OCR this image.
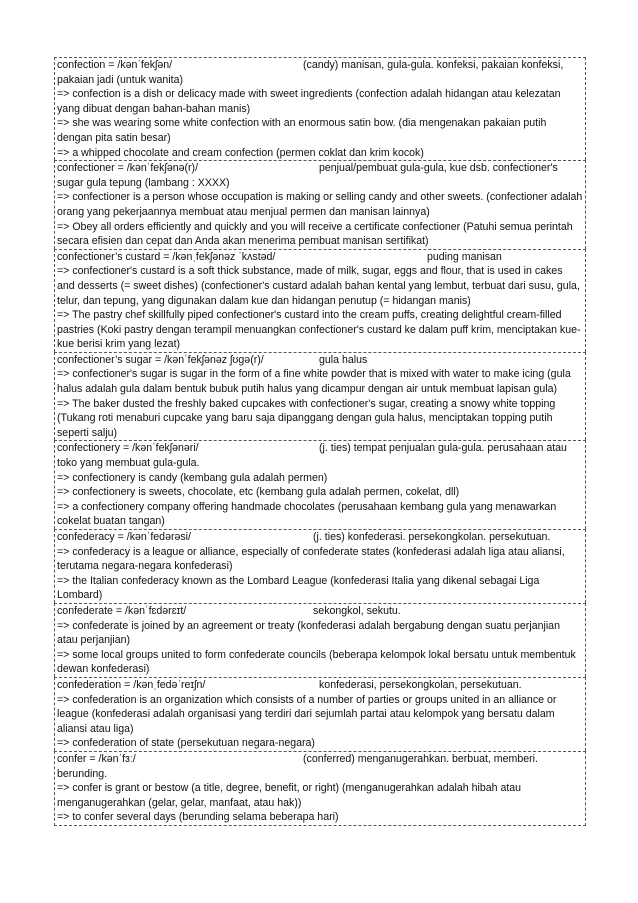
confection = /kənˈfekʃən/	(candy) manisan, gula-gula. konfeksi, pakaian konfeksi,

pakaian jadi (untuk wanita)

=> confection is a dish or delicacy made with sweet ingredients (confection adalah hidangan atau kelezatan yang dibuat dengan bahan-bahan manis)

=> she was wearing some white confection with an enormous satin bow. (dia mengenakan pakaian putih dengan pita satin besar)

=> a whipped chocolate and cream confection (permen coklat dan krim kocok)

confectioner = /kənˈfekʃənə(r)/	penjual/pembuat gula-gula, kue dsb. confectioner's

sugar gula tepung (lambang : XXXX)

=> confectioner is a person whose occupation is making or selling candy and other sweets. (confectioner adalah orang yang pekerjaannya membuat atau menjual permen dan manisan lainnya)

=> Obey all orders efficiently and quickly and you will receive a certificate confectioner (Patuhi semua perintah secara efisien dan cepat dan Anda akan menerima pembuat manisan sertifikat)

confectioner’s custard = /kənˌfekʃənəz ˈkʌstəd/	puding manisan

=> confectioner's custard is a soft thick substance, made of milk, sugar, eggs and flour, that is used in cakes and desserts (= sweet dishes) (confectioner's custard adalah bahan kental yang lembut, terbuat dari susu, gula, telur, dan tepung, yang digunakan dalam kue dan hidangan penutup (= hidangan manis)

=> The pastry chef skillfully piped confectioner's custard into the cream puffs, creating delightful cream-filled pastries (Koki pastry dengan terampil menuangkan confectioner's custard ke dalam puff krim, menciptakan kue-kue berisi krim yang lezat)

confectioner’s sugar = /kənˈfekʃənəz ʃʊɡə(r)/	gula halus

=> confectioner's sugar is sugar in the form of a fine white powder that is mixed with water to make icing (gula halus adalah gula dalam bentuk bubuk putih halus yang dicampur dengan air untuk membuat lapisan gula)

=> The baker dusted the freshly baked cupcakes with confectioner's sugar, creating a snowy white topping (Tukang roti menaburi cupcake yang baru saja dipanggang dengan gula halus, menciptakan topping putih seperti salju)

confectionery = /kənˈfekʃənəri/	(j. ties) tempat penjualan gula-gula. perusahaan atau

toko yang membuat gula-gula.

=> confectionery is candy (kembang gula adalah permen)

=> confectionery is sweets, chocolate, etc (kembang gula adalah permen, cokelat, dll)

=> a confectionery company offering handmade chocolates (perusahaan kembang gula yang menawarkan cokelat buatan tangan)

confederacy = /kənˈfedərəsi/	(j. ties) konfederasi. persekongkolan. persekutuan.

=> confederacy is a league or alliance, especially of confederate states (konfederasi adalah liga atau aliansi, terutama negara-negara konfederasi)

=> the Italian confederacy known as the Lombard League (konfederasi Italia yang dikenal sebagai Liga Lombard)

confederate = /kənˈfɛdərɛɪt/	sekongkol, sekutu.

=> confederate is joined by an agreement or treaty (konfederasi adalah bergabung dengan suatu perjanjian atau perjanjian)

=> some local groups united to form confederate councils (beberapa kelompok lokal bersatu untuk membentuk dewan konfederasi)

confederation = /kənˌfedəˈreɪʃn/	konfederasi, persekongkolan, persekutuan.

=> confederation is an organization which consists of a number of parties or groups united in an alliance or league (konfederasi adalah organisasi yang terdiri dari sejumlah partai atau kelompok yang bersatu dalam aliansi atau liga)

=> confederation of state (persekutuan negara-negara)

confer = /kənˈfɜː/	(conferred) menganugerahkan. berbuat, memberi.

berunding.

=> confer is grant or bestow (a title, degree, benefit, or right) (menganugerahkan adalah hibah atau menganugerahkan (gelar, gelar, manfaat, atau hak))

=> to confer several days (berunding selama beberapa hari)
